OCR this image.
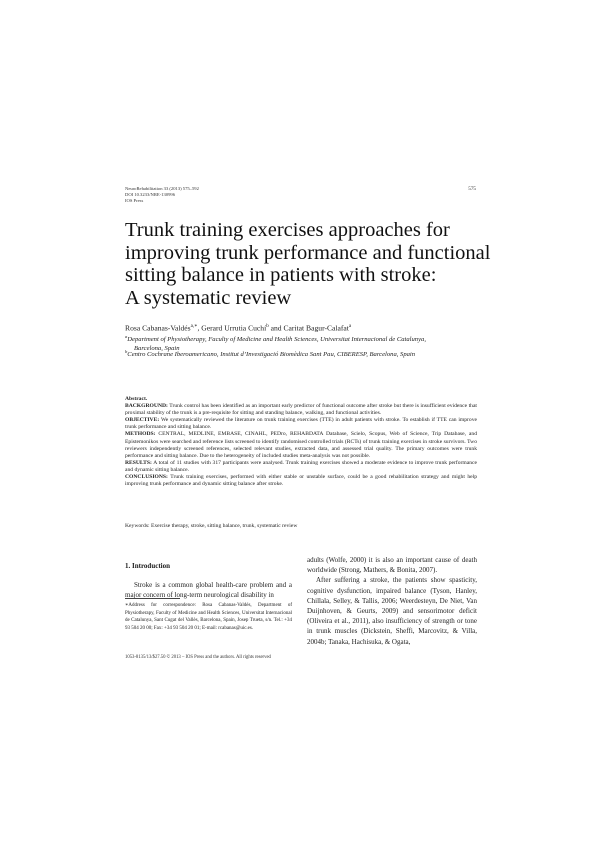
NeuroRehabilitation 33 (2013) 575–592
DOI 10.3233/NRE-130996
IOS Press
575
Trunk training exercises approaches for
improving trunk performance and functional
sitting balance in patients with stroke:
A systematic review
Rosa Cabanas-Valdés$^{a,∗}$, Gerard Urrutia Cuchí$^b$ and Caritat Bagur-Calafat$^a$
$^a$Department of Physiotherapy, Faculty of Medicine and Health Sciences, Universitat Internacional de Catalunya,
Barcelona, Spain
$^b$Centro Cochrane Iberoamericano, Institut d’Investigació Biomèdica Sant Pau, CIBERESP, Barcelona, Spain
Abstract.

BACKGROUND: Trunk control has been identified as an important early predictor of functional outcome after stroke but there is insufficient evidence that proximal stability of the trunk is a pre-requisite for sitting and standing balance, walking, and functional activities.

OBJECTIVE: We systematically reviewed the literature on trunk training exercises (TTE) in adult patients with stroke. To establish if TTE can improve trunk performance and sitting balance.

METHODS: CENTRAL, MEDLINE, EMBASE, CINAHL, PEDro, REHABDATA Database, Scielo, Scopus, Web of Science, Trip Database, and Epistemonikos were searched and reference lists screened to identify randomised controlled trials (RCTs) of trunk training exercises in stroke survivors. Two reviewers independently screened references, selected relevant studies, extracted data, and assessed trial quality. The primary outcomes were trunk performance and sitting balance. Due to the heterogeneity of included studies meta-analysis was not possible.

RESULTS: A total of 11 studies with 317 participants were analysed. Trunk training exercises showed a moderate evidence to improve trunk performance and dynamic sitting balance.

CONCLUSIONS: Trunk training exercises, performed with either stable or unstable surface, could be a good rehabilitation strategy and might help improving trunk performance and dynamic sitting balance after stroke.

Keywords: Exercise therapy, stroke, sitting balance, trunk, systematic review
1. Introduction

Stroke is a common global health-care problem and a major concern of long-term neurological disability in

∗Address for correspondence: Rosa Cabanas-Valdés, Department of Physiotherapy, Faculty of Medicine and Health Sciences, Universitat Internacional de Catalunya, Sant Cugat del Vallès, Barcelona, Spain, Josep Trueta, s/n. Tel.: +34 93 504 20 00; Fax: +34 93 504 20 01; E-mail: rcabanas@uic.es.

adults (Wolfe, 2000) it is also an important cause of death worldwide (Strong, Mathers, & Bonita, 2007).

After suffering a stroke, the patients show spasticity, cognitive dysfunction, impaired balance (Tyson, Hanley, Chillala, Selley, & Tallis, 2006; Weerdesteyn, De Niet, Van Duijnhoven, & Geurts, 2009) and sensorimotor deficit (Oliveira et al., 2011), also insufficiency of strength or tone in trunk muscles (Dickstein, Sheffi, Marcovitz, & Villa, 2004b; Tanaka, Hachisuka, & Ogata,

1053-8135/13/$27.50 © 2013 – IOS Press and the authors. All rights reserved
